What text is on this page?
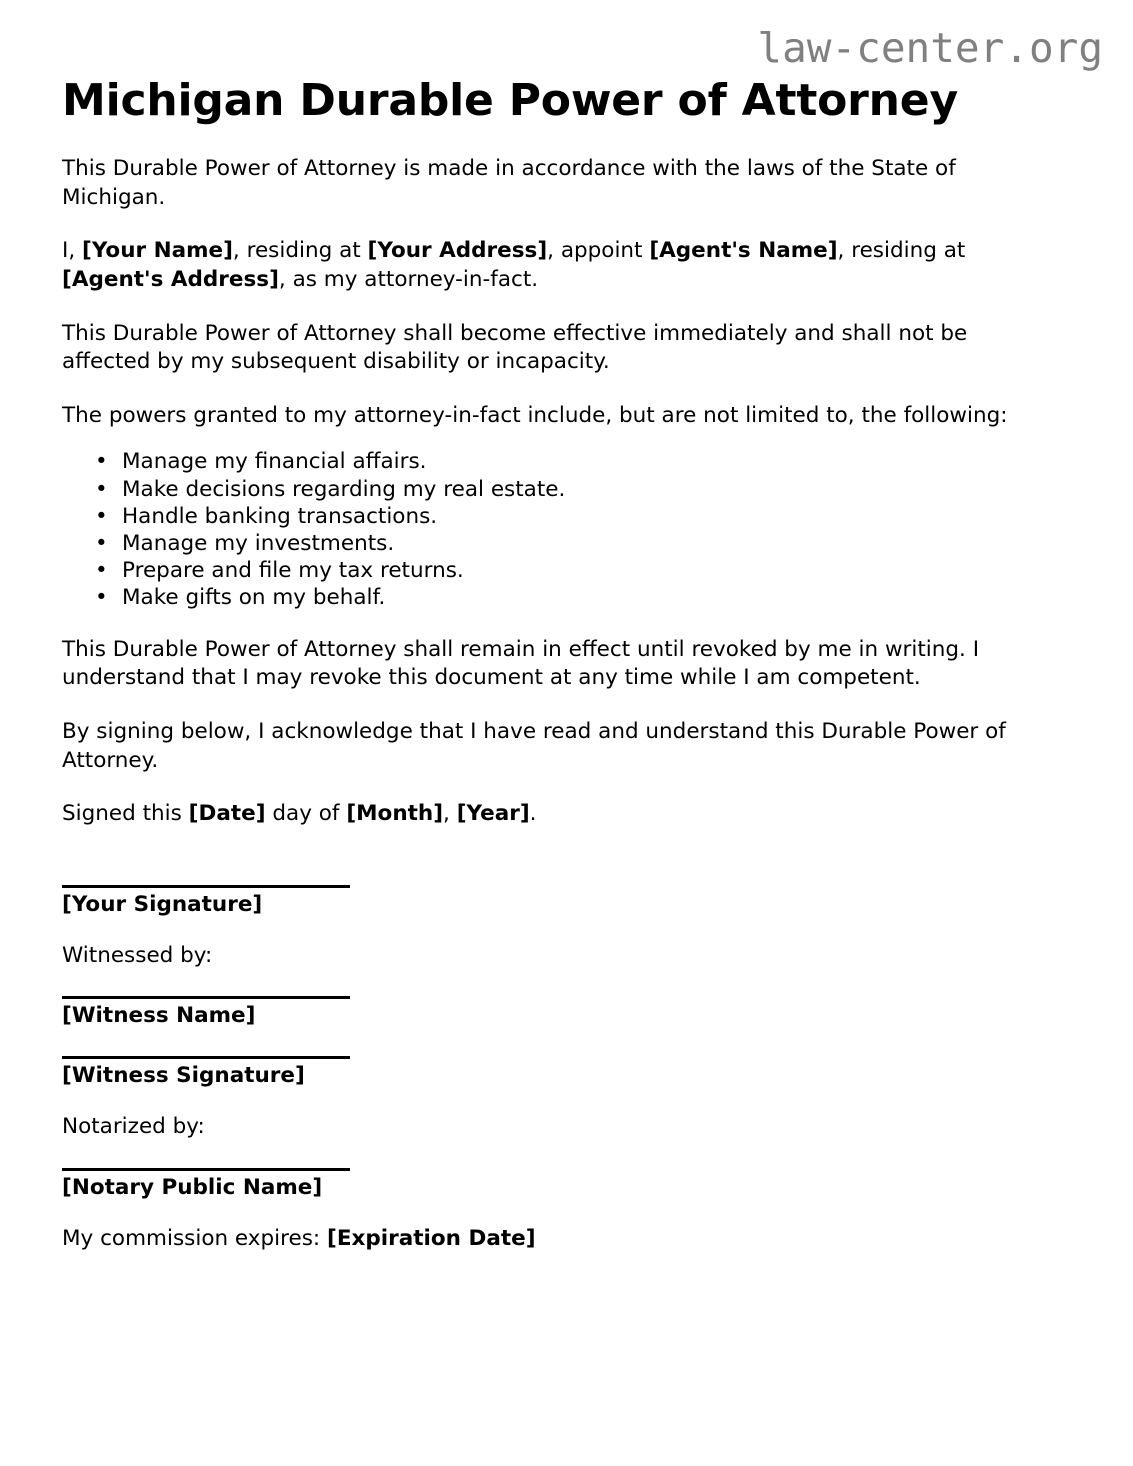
law-center.org
Michigan Durable Power of Attorney

This Durable Power of Attorney is made in accordance with the laws of the State of Michigan.

I, [Your Name], residing at [Your Address], appoint [Agent's Name], residing at [Agent's Address], as my attorney-in-fact.

This Durable Power of Attorney shall become effective immediately and shall not be affected by my subsequent disability or incapacity.

The powers granted to my attorney-in-fact include, but are not limited to, the following:

• Manage my financial affairs.
• Make decisions regarding my real estate.
• Handle banking transactions.
• Manage my investments.
• Prepare and file my tax returns.
• Make gifts on my behalf.

This Durable Power of Attorney shall remain in effect until revoked by me in writing. I understand that I may revoke this document at any time while I am competent.

By signing below, I acknowledge that I have read and understand this Durable Power of Attorney.

Signed this [Date] day of [Month], [Year].

[Your Signature]
Witnessed by:
[Witness Name]
[Witness Signature]
Notarized by:
[Notary Public Name]
My commission expires: [Expiration Date]
